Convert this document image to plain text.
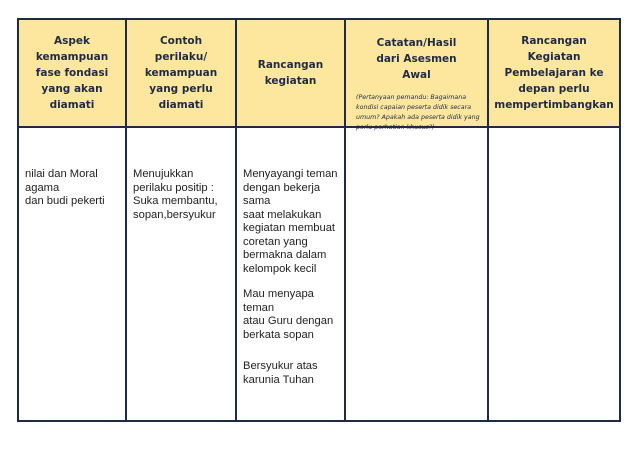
Aspek kemampuan fase fondasi yang akan diamati

nilai dan Moral
agama
dan budi pekerti

Contoh perilaku/ kemampuan yang perlu diamati

Menujukkan
perilaku positip :
Suka membantu,
sopan,bersyukur

Rancangan kegiatan

Menyayangi teman
dengan bekerja sama
saat melakukan
kegiatan membuat
coretan yang
bermakna dalam
kelompok kecil

Mau menyapa teman
atau Guru dengan
berkata sopan

Bersyukur atas
karunia Tuhan

Catatan/Hasil dari Asesmen Awal
(Pertanyaan pemandu: Bagaimana kondisi capaian peserta didik secara umum? Apakah ada peserta didik yang perlu perhatian khusus?)

Rancangan Kegiatan Pembelajaran ke depan perlu mempertimbangkan
